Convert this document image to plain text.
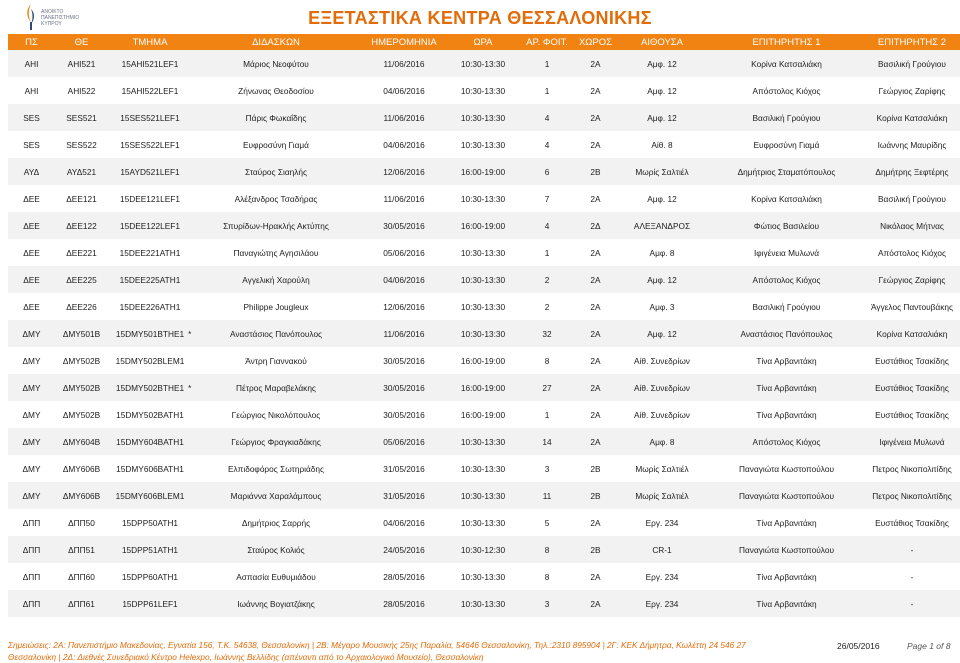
ΑΝΟΙΚΤΟ
ΠΑΝΕΠΙΣΤΗΜΙΟ
ΚΥΠΡΟΥ	ΕΞΕΤΑΣΤΙΚΑ ΚΕΝΤΡΑ ΘΕΣΣΑΛΟΝΙΚΗΣ
ΠΣ	ΘΕ	ΤΜΗΜΑ	ΔΙΔΑΣΚΩΝ	ΗΜΕΡΟΜΗΝΙΑ	ΩΡΑ	ΑΡ. ΦΟΙΤ.	ΧΩΡΟΣ	ΑΙΘΟΥΣΑ	ΕΠΙΤΗΡΗΤΗΣ 1	ΕΠΙΤΗΡΗΤΗΣ 2
ΑΗΙ	ΑΗΙ521	15ΑΗΙ521LEF1	Μάριος Νεοφύτου	11/06/2016	10:30-13:30	1	2Α	Αμφ. 12	Κορίνα Κατσαλιάκη	Βασιλική Γρούγιου
ΑΗΙ	ΑΗΙ522	15ΑΗΙ522LEF1	Ζήνωνας Θεοδοσίου	04/06/2016	10:30-13:30	1	2Α	Αμφ. 12	Απόστολος Κιόχος	Γεώργιος Ζαρίφης
SES	SES521	15SES521LEF1	Πάρις Φωκαΐδης	11/06/2016	10:30-13:30	4	2Α	Αμφ. 12	Βασιλική Γρούγιου	Κορίνα Κατσαλιάκη
SES	SES522	15SES522LEF1	Ευφροσύνη Γιαμά	04/06/2016	10:30-13:30	4	2Α	Αίθ. 8	Ευφροσύνη Γιαμά	Ιωάννης Μαυρίδης
ΑΥΔ	ΑΥΔ521	15AYD521LEF1	Σταύρος Σιαηλής	12/06/2016	16:00-19:00	6	2Β	Μωρίς Σαλτιέλ	Δημήτριος Σταματόπουλος	Δημήτρης Ξεφτέρης
ΔΕΕ	ΔΕΕ121	15DEE121LEF1	Αλέξανδρος Τσαδήρας	11/06/2016	10:30-13:30	7	2Α	Αμφ. 12	Κορίνα Κατσαλιάκη	Βασιλική Γρούγιου
ΔΕΕ	ΔΕΕ122	15DEE122LEF1	Σπυρίδων-Ηρακλής Ακτύπης	30/05/2016	16:00-19:00	4	2Δ	ΑΛΕΞΑΝΔΡΟΣ	Φώτιος Βασιλείου	Νικόλαος Μήτνας
ΔΕΕ	ΔΕΕ221	15DEE221ATH1	Παναγιώτης Αγησιλάου	05/06/2016	10:30-13:30	1	2Α	Αμφ. 8	Ιφιγένεια Μυλωνά	Απόστολος Κιόχος
ΔΕΕ	ΔΕΕ225	15DEE225ATH1	Αγγελική Χαρούλη	04/06/2016	10:30-13:30	2	2Α	Αμφ. 12	Απόστολος Κιόχος	Γεώργιος Ζαρίφης
ΔΕΕ	ΔΕΕ226	15DEE226ATH1	Philippe Jougleux	12/06/2016	10:30-13:30	2	2Α	Αμφ. 3	Βασιλική Γρούγιου	Άγγελος Παντουβάκης
ΔΜΥ	ΔΜΥ501Β	15DMY501BTHE1 *	Αναστάσιος Πανόπουλος	11/06/2016	10:30-13:30	32	2Α	Αμφ. 12	Αναστάσιος Πανόπουλος	Κορίνα Κατσαλιάκη
ΔΜΥ	ΔΜΥ502Β	15DMY502BLEM1	Άντρη Γιαννακού	30/05/2016	16:00-19:00	8	2Α	Αίθ. Συνεδρίων	Τίνα Αρβανιτάκη	Ευστάθιος Τσακίδης
ΔΜΥ	ΔΜΥ502Β	15DMY502BTHE1 *	Πέτρος Μαραβελάκης	30/05/2016	16:00-19:00	27	2Α	Αίθ. Συνεδρίων	Τίνα Αρβανιτάκη	Ευστάθιος Τσακίδης
ΔΜΥ	ΔΜΥ502Β	15DMY502BATH1	Γεώργιος Νικολόπουλος	30/05/2016	16:00-19:00	1	2Α	Αίθ. Συνεδρίων	Τίνα Αρβανιτάκη	Ευστάθιος Τσακίδης
ΔΜΥ	ΔΜΥ604Β	15DMY604BATH1	Γεώργιος Φραγκιαδάκης	05/06/2016	10:30-13:30	14	2Α	Αμφ. 8	Απόστολος Κιόχος	Ιφιγένεια Μυλωνά
ΔΜΥ	ΔΜΥ606Β	15DMY606BATH1	Ελπιδοφόρος Σωτηριάδης	31/05/2016	10:30-13:30	3	2Β	Μωρίς Σαλτιέλ	Παναγιώτα Κωστοπούλου	Πετρος Νικοπολιτίδης
ΔΜΥ	ΔΜΥ606Β	15DMY606BLEM1	Μαριάννα Χαραλάμπους	31/05/2016	10:30-13:30	11	2Β	Μωρίς Σαλτιέλ	Παναγιώτα Κωστοπούλου	Πετρος Νικοπολιτίδης
ΔΠΠ	ΔΠΠ50	15DPP50ATH1	Δημήτριος Σαρρής	04/06/2016	10:30-13:30	5	2Α	Εργ. 234	Τίνα Αρβανιτάκη	Ευστάθιος Τσακίδης
ΔΠΠ	ΔΠΠ51	15DPP51ATH1	Σταύρος Κολιός	24/05/2016	10:30-12:30	8	2Β	CR-1	Παναγιώτα Κωστοπούλου	-
ΔΠΠ	ΔΠΠ60	15DPP60ATH1	Ασπασία Ευθυμιάδου	28/05/2016	10:30-13:30	8	2Α	Εργ. 234	Τίνα Αρβανιτάκη	-
ΔΠΠ	ΔΠΠ61	15DPP61LEF1	Ιωάννης Βογιατζάκης	28/05/2016	10:30-13:30	3	2Α	Εργ. 234	Τίνα Αρβανιτάκη	-
Σημειώσεις: 2Α: Πανεπιστήμιο Μακεδονίας, Εγνατία 156, Τ.Κ. 54638, Θεσσαλονίκη | 2Β: Μέγαρο Μουσικής 25ης Παραλία, 54646 Θεσσαλονίκη, Τηλ.:2310 895904 | 2Γ: ΚΕΚ Δήμητρα, Κωλέττη 24 546 27 Θεσσαλονίκη | 2Δ: Διεθνές Συνεδριακό Κέντρο Helexpo, Ιωάννης Βελλίδης (απέναντι από το Αρχαιολογικό Μουσείο), Θεσσαλονίκη
26/05/2016	Page 1 of 8
